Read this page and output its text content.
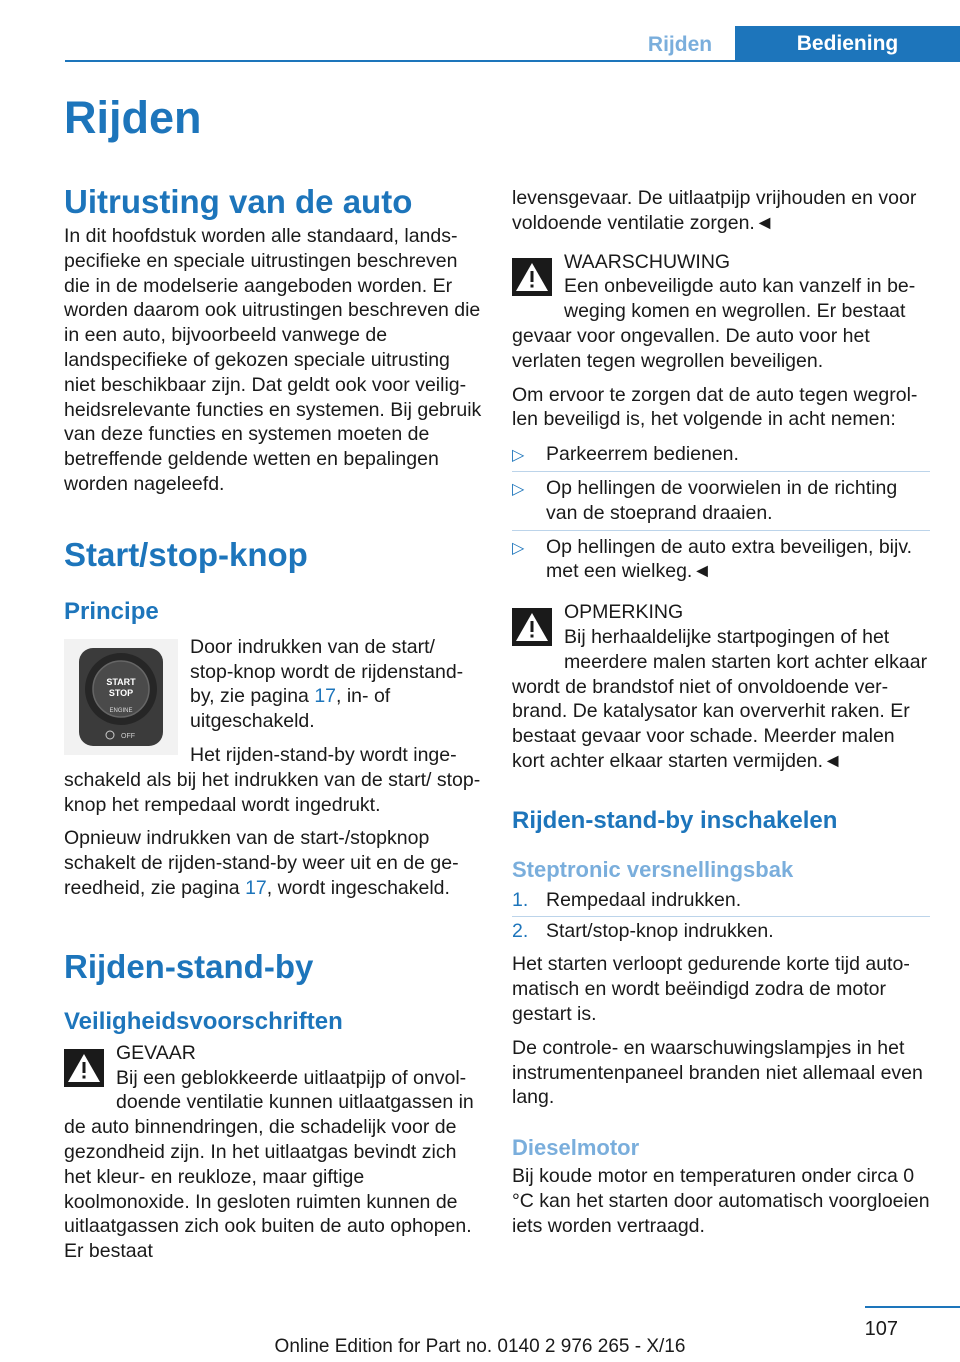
Rijden	Bediening
Rijden
Uitrusting van de auto

In dit hoofdstuk worden alle standaard, landspecifieke en speciale uitrustingen beschreven die in de modelserie aangeboden worden. Er worden daarom ook uitrustingen beschreven die in een auto, bijvoorbeeld vanwege de landspecifieke of gekozen speciale uitrusting niet beschikbaar zijn. Dat geldt ook voor veiligheidsrelevante functies en systemen. Bij gebruik van deze functies en systemen moeten de betreffende geldende wetten en bepalingen worden nageleefd.

Start/stop-knop
Principe
START
STOP
ENGINE
OFF

Door indrukken van de start/ stop-knop wordt de rijdenstand-by, zie pagina 17, in- of uitgeschakeld.

Het rijden-stand-by wordt ingeschakeld als bij het indrukken van de start/ stop-knop het rempedaal wordt ingedrukt.

Opnieuw indrukken van de start-/stopknop schakelt de rijden-stand-by weer uit en de gereedheid, zie pagina 17, wordt ingeschakeld.

Rijden-stand-by
Veiligheidsvoorschriften

GEVAAR
Bij een geblokkeerde uitlaatpijp of onvoldoende ventilatie kunnen uitlaatgassen in de auto binnendringen, die schadelijk voor de gezondheid zijn. In het uitlaatgas bevindt zich het kleur- en reukloze, maar giftige koolmonoxide. In gesloten ruimten kunnen de uitlaatgassen zich ook buiten de auto ophopen. Er bestaat

levensgevaar. De uitlaatpijp vrijhouden en voor voldoende ventilatie zorgen.◄

WAARSCHUWING
Een onbeveiligde auto kan vanzelf in beweging komen en wegrollen. Er bestaat gevaar voor ongevallen. De auto voor het verlaten tegen wegrollen beveiligen.

Om ervoor te zorgen dat de auto tegen wegrollen beveiligd is, het volgende in acht nemen:

▷ Parkeerrem bedienen.
▷ Op hellingen de voorwielen in de richting van de stoeprand draaien.
▷ Op hellingen de auto extra beveiligen, bijv. met een wielkeg.◄

OPMERKING
Bij herhaaldelijke startpogingen of het meerdere malen starten kort achter elkaar wordt de brandstof niet of onvoldoende verbrand. De katalysator kan oververhit raken. Er bestaat gevaar voor schade. Meerder malen kort achter elkaar starten vermijden.◄

Rijden-stand-by inschakelen
Steptronic versnellingsbak
1. Rempedaal indrukken.
2. Start/stop-knop indrukken.

Het starten verloopt gedurende korte tijd automatisch en wordt beëindigd zodra de motor gestart is.

De controle- en waarschuwingslampjes in het instrumentenpaneel branden niet allemaal even lang.

Dieselmotor

Bij koude motor en temperaturen onder circa 0 °C kan het starten door automatisch voorgloeien iets worden vertraagd.

107
Online Edition for Part no. 0140 2 976 265 - X/16
